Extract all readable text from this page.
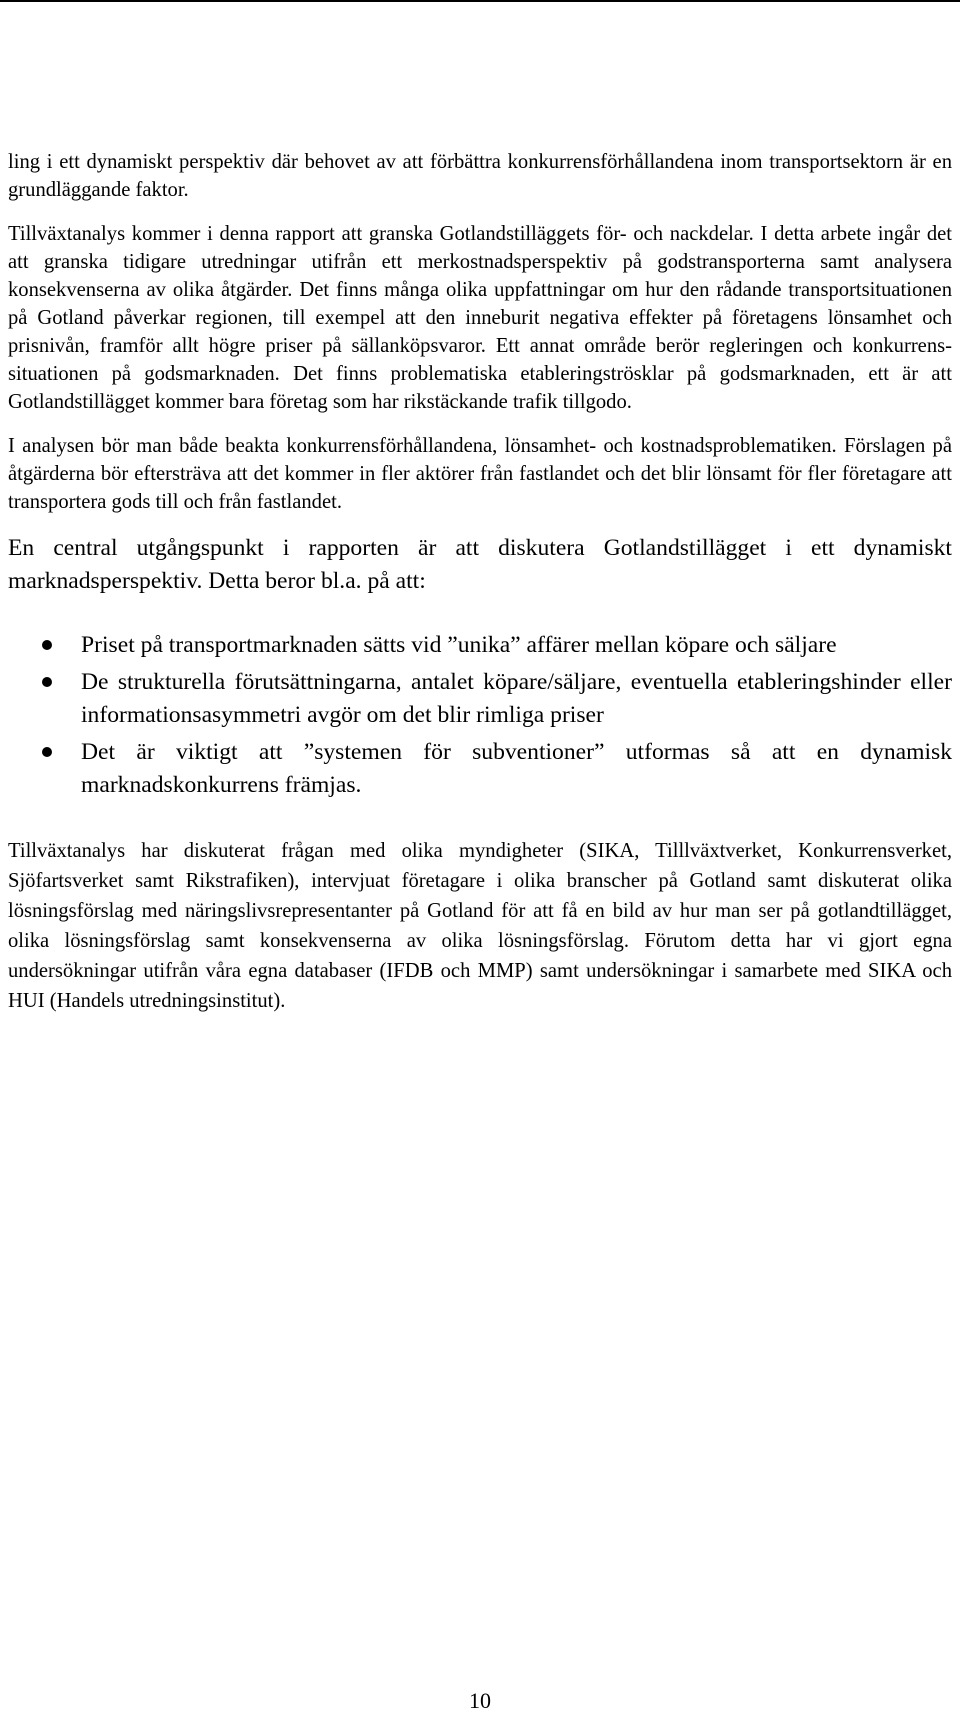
ling i ett dynamiskt perspektiv där behovet av att förbättra konkurrensförhållandena inom transportsektorn är en grundläggande faktor.

Tillväxtanalys kommer i denna rapport att granska Gotlandstilläggets för- och nackdelar. I detta arbete ingår det att granska tidigare utredningar utifrån ett merkostnadsperspektiv på godstransporterna samt analysera konsekvenserna av olika åtgärder. Det finns många olika uppfattningar om hur den rådande transportsituationen på Gotland påverkar regionen, till exempel att den inneburit negativa effekter på företagens lönsamhet och prisnivån, framför allt högre priser på sällanköpsvaror. Ett annat område berör regleringen och konkurrenssituationen på godsmarknaden. Det finns problematiska etableringströsklar på godsmarknaden, ett är att Gotlandstillägget kommer bara företag som har rikstäckande trafik tillgodo.

I analysen bör man både beakta konkurrensförhållandena, lönsamhet- och kostnadsproblematiken. Förslagen på åtgärderna bör eftersträva att det kommer in fler aktörer från fastlandet och det blir lönsamt för fler företagare att transportera gods till och från fastlandet.

En central utgångspunkt i rapporten är att diskutera Gotlandstillägget i ett dynamiskt marknadsperspektiv. Detta beror bl.a. på att:

Priset på transportmarknaden sätts vid ”unika” affärer mellan köpare och säljare
De strukturella förutsättningarna, antalet köpare/säljare, eventuella etableringshinder eller informationsasymmetri avgör om det blir rimliga priser
Det är viktigt att ”systemen för subventioner” utformas så att en dynamisk marknadskonkurrens främjas.

Tillväxtanalys har diskuterat frågan med olika myndigheter (SIKA, Tilllväxtverket, Konkurrensverket, Sjöfartsverket samt Rikstrafiken), intervjuat företagare i olika branscher på Gotland samt diskuterat olika lösningsförslag med näringslivsrepresentanter på Gotland för att få en bild av hur man ser på gotlandtillägget, olika lösningsförslag samt konsekvenserna av olika lösningsförslag. Förutom detta har vi gjort egna undersökningar utifrån våra egna databaser (IFDB och MMP) samt undersökningar i samarbete med SIKA och HUI (Handels utredningsinstitut).

10
